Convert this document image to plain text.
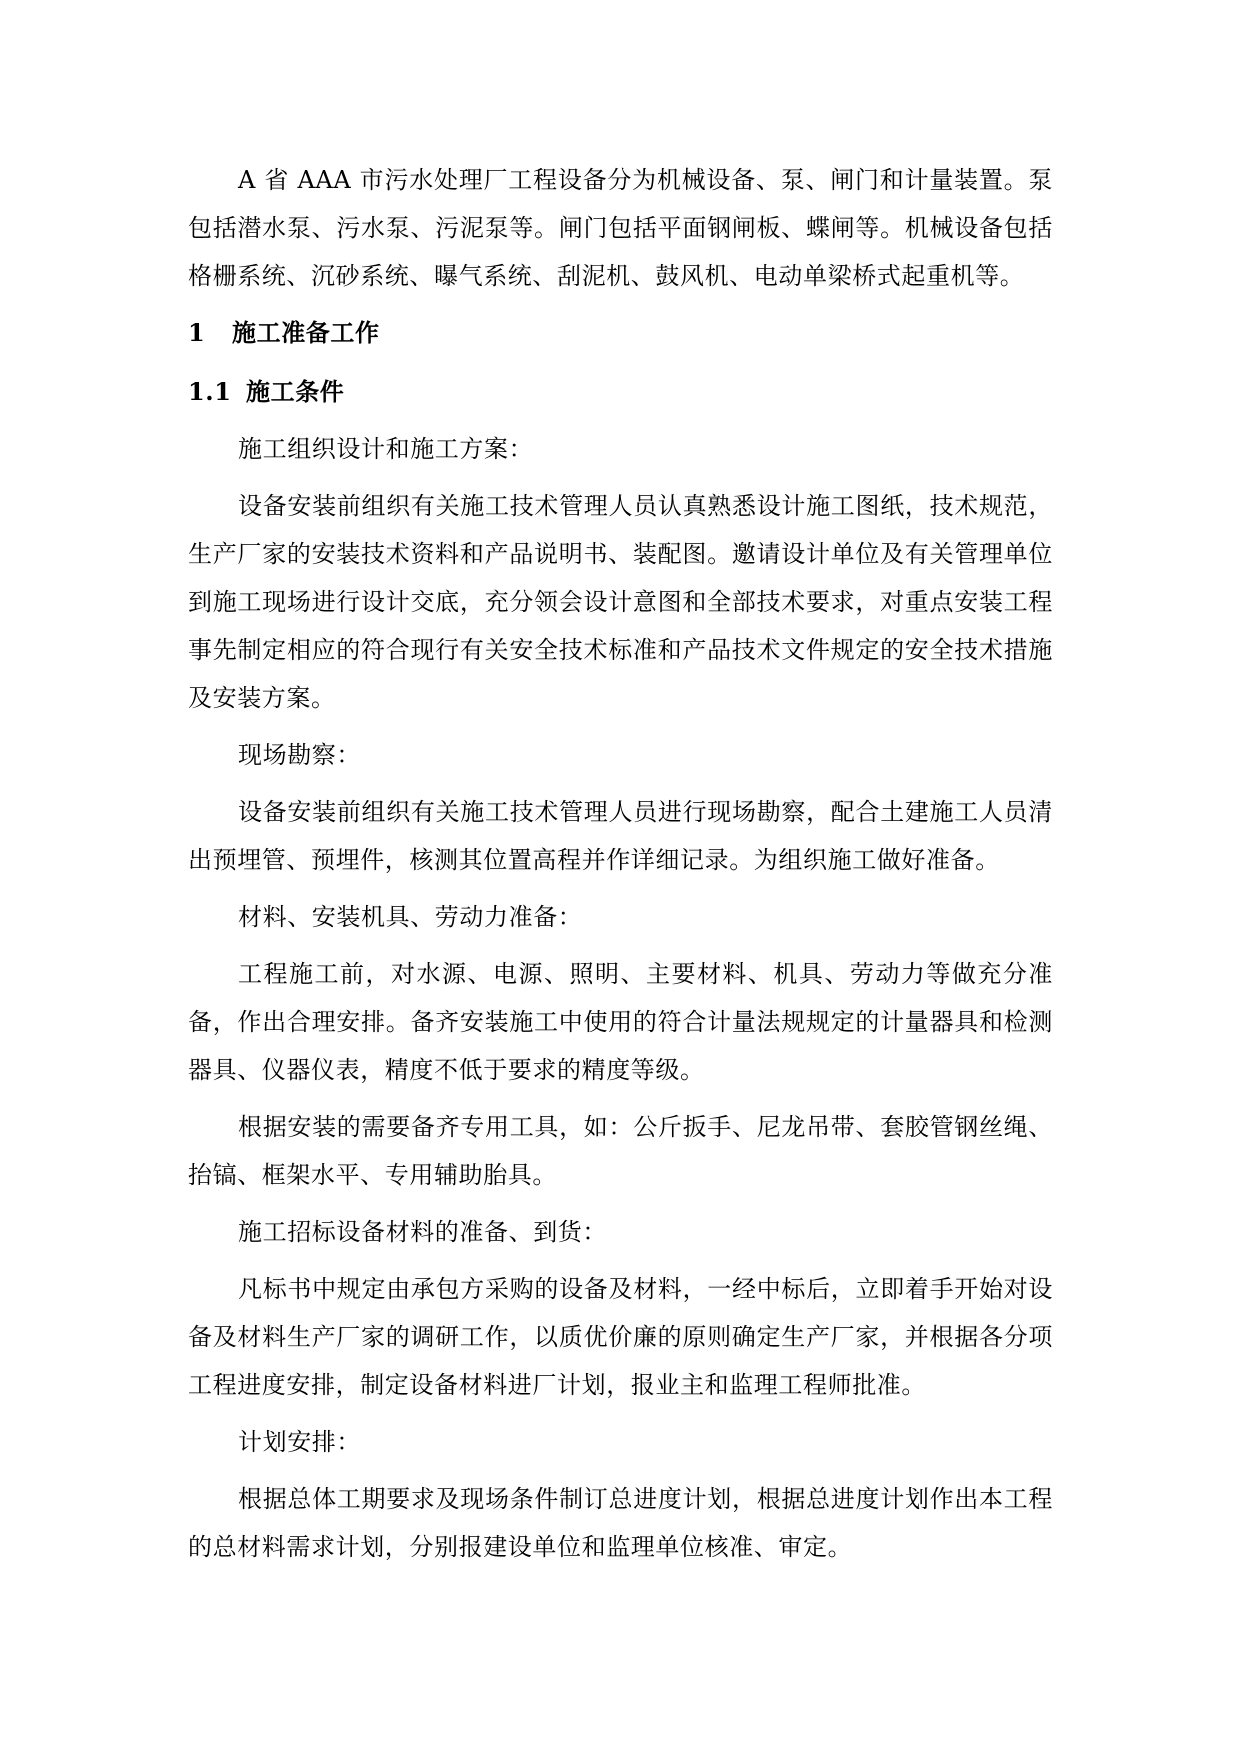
A 省 AAA 市污水处理厂工程设备分为机械设备、泵、闸门和计量装置。泵包括潜水泵、污水泵、污泥泵等。闸门包括平面钢闸板、蝶闸等。机械设备包括格栅系统、沉砂系统、曝气系统、刮泥机、鼓风机、电动单梁桥式起重机等。

1 施工准备工作
1.1 施工条件

施工组织设计和施工方案：

设备安装前组织有关施工技术管理人员认真熟悉设计施工图纸，技术规范，生产厂家的安装技术资料和产品说明书、装配图。邀请设计单位及有关管理单位到施工现场进行设计交底，充分领会设计意图和全部技术要求，对重点安装工程事先制定相应的符合现行有关安全技术标准和产品技术文件规定的安全技术措施及安装方案。

现场勘察：

设备安装前组织有关施工技术管理人员进行现场勘察，配合土建施工人员清出预埋管、预埋件，核测其位置高程并作详细记录。为组织施工做好准备。

材料、安装机具、劳动力准备：

工程施工前，对水源、电源、照明、主要材料、机具、劳动力等做充分准备，作出合理安排。备齐安装施工中使用的符合计量法规规定的计量器具和检测器具、仪器仪表，精度不低于要求的精度等级。

根据安装的需要备齐专用工具，如：公斤扳手、尼龙吊带、套胶管钢丝绳、抬镐、框架水平、专用辅助胎具。

施工招标设备材料的准备、到货：

凡标书中规定由承包方采购的设备及材料，一经中标后，立即着手开始对设备及材料生产厂家的调研工作，以质优价廉的原则确定生产厂家，并根据各分项工程进度安排，制定设备材料进厂计划，报业主和监理工程师批准。

计划安排：

根据总体工期要求及现场条件制订总进度计划，根据总进度计划作出本工程的总材料需求计划，分别报建设单位和监理单位核准、审定。
